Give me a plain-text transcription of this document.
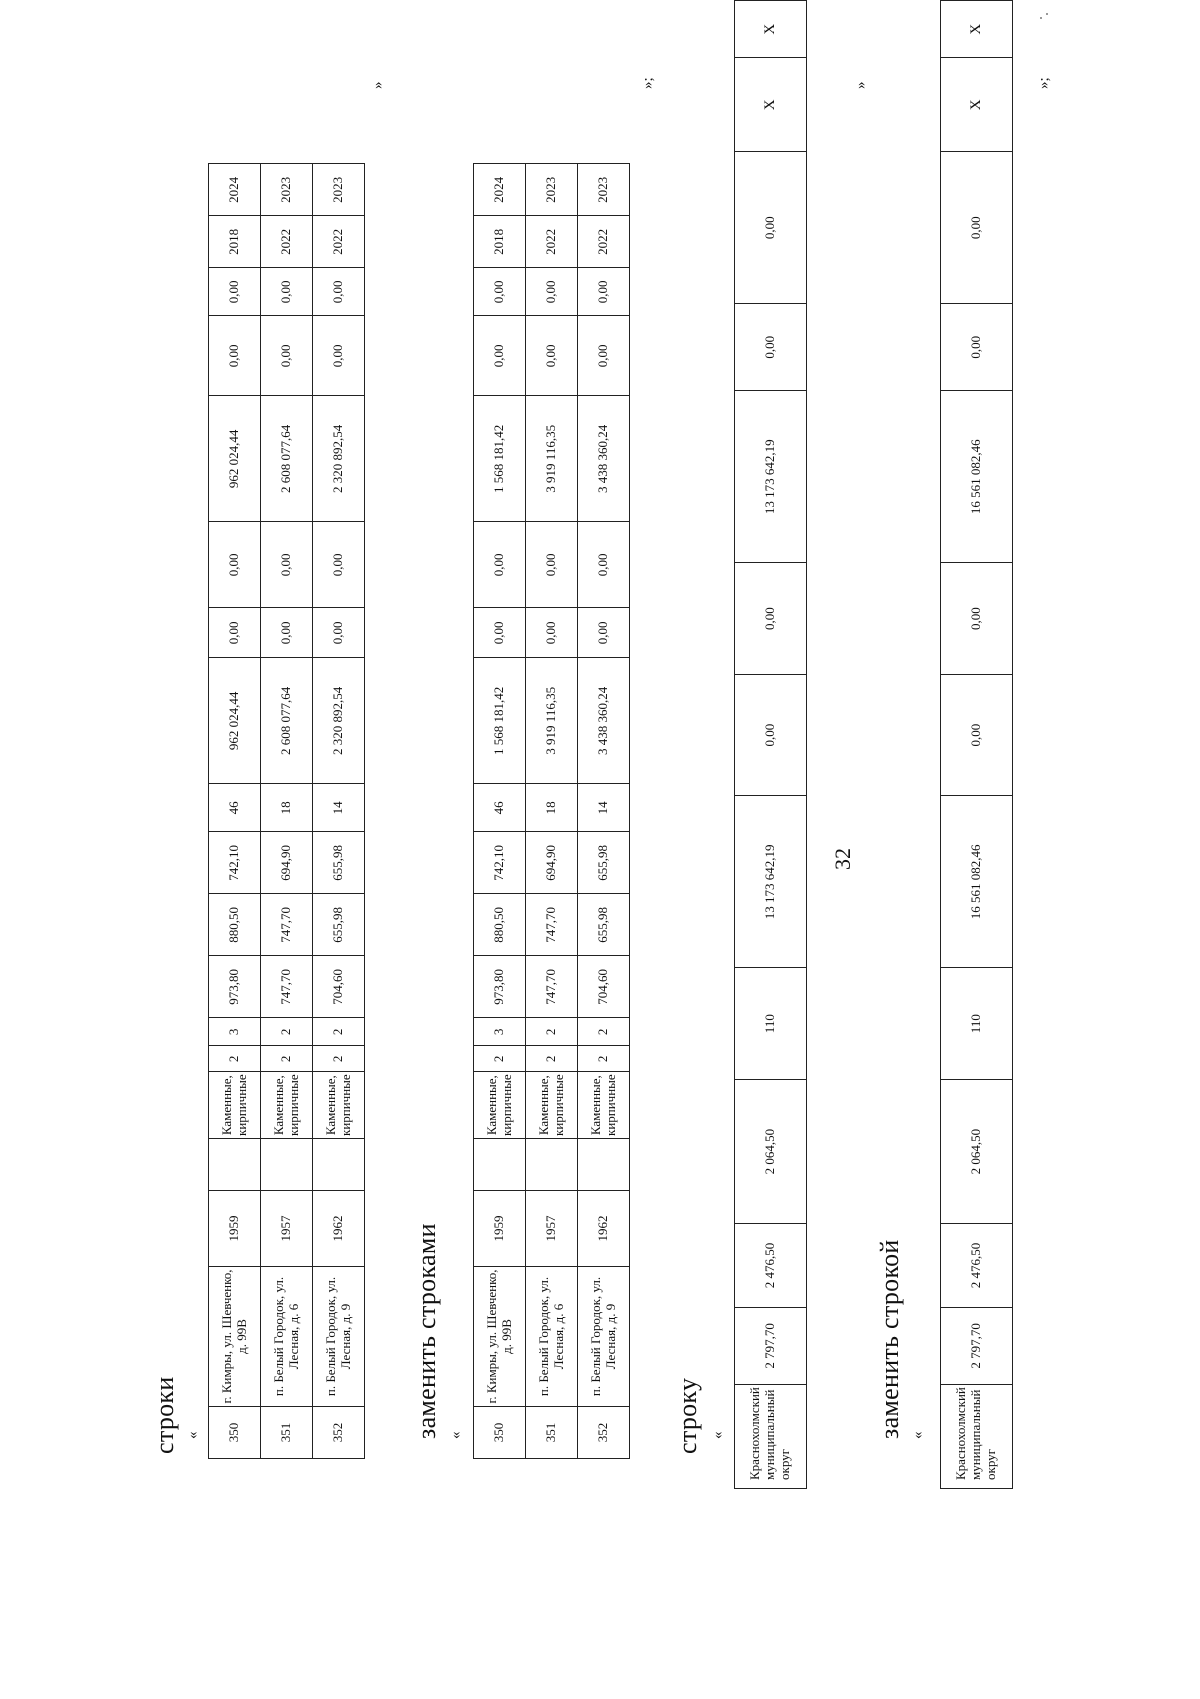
32
строки « 350	г. Кимры, ул. Шевченко, д. 99В	1959		Каменные, кирпичные	2	3	973,80	880,50	742,10	46	962 024,44	0,00	0,00	962 024,44	0,00	0,00	2018	2024
351	п. Белый Городок, ул. Лесная, д. 6	1957		Каменные, кирпичные	2	2	747,70	747,70	694,90	18	2 608 077,64	0,00	0,00	2 608 077,64	0,00	0,00	2022	2023
352	п. Белый Городок, ул. Лесная, д. 9	1962		Каменные, кирпичные	2	2	704,60	655,98	655,98	14	2 320 892,54	0,00	0,00	2 320 892,54	0,00	0,00	2022	2023
»
заменить строками « 350	г. Кимры, ул. Шевченко, д. 99В	1959		Каменные, кирпичные	2	3	973,80	880,50	742,10	46	1 568 181,42	0,00	0,00	1 568 181,42	0,00	0,00	2018	2024
351	п. Белый Городок, ул. Лесная, д. 6	1957		Каменные, кирпичные	2	2	747,70	747,70	694,90	18	3 919 116,35	0,00	0,00	3 919 116,35	0,00	0,00	2022	2023
352	п. Белый Городок, ул. Лесная, д. 9	1962		Каменные, кирпичные	2	2	704,60	655,98	655,98	14	3 438 360,24	0,00	0,00	3 438 360,24	0,00	0,00	2022	2023
»;
строку « Краснохолмский муниципальный округ	2 797,70	2 476,50	2 064,50	110	13 173 642,19	0,00	0,00	13 173 642,19	0,00	0,00	X	X
»
заменить строкой « Краснохолмский муниципальный округ	2 797,70	2 476,50	2 064,50	110	16 561 082,46	0,00	0,00	16 561 082,46	0,00	0,00	X	X
»;
